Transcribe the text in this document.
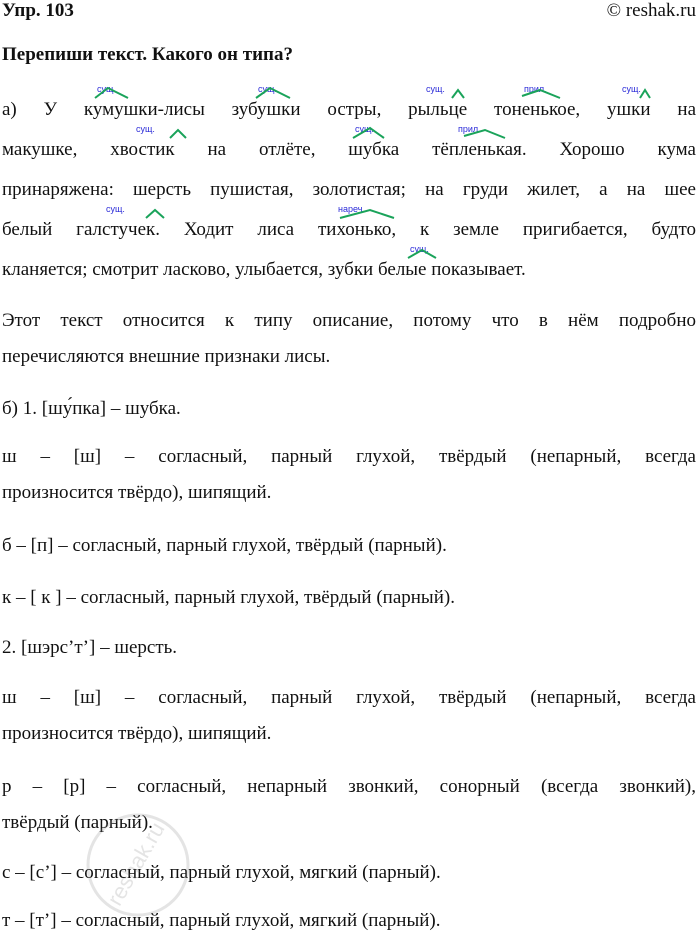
Упр. 103	© reshak.ru
Перепиши текст. Какого он типа?
а) У кумушки-лисы зубушки остры, рыльце тоненькое, ушки на
макушке, хвостик на отлёте, шубка тёпленькая. Хорошо кума
принаряжена: шерсть пушистая, золотистая; на груди жилет, а на шее
белый галстучек. Ходит лиса тихонько, к земле пригибается, будто
кланяется; смотрит ласково, улыбается, зубки белые показывает.
сущ.	сущ.	сущ.	прил.	сущ.
сущ.	сущ.	прил.
сущ.	нареч.
сущ.
Этот текст относится к типу описание, потому что в нём подробно
перечисляются внешние признаки лисы.
б) 1. [шу́пка] – шубка.
ш – [ш] – согласный, парный глухой, твёрдый (непарный, всегда
произносится твёрдо), шипящий.
б – [п] – согласный, парный глухой, твёрдый (парный).
к – [ к ] – согласный, парный глухой, твёрдый (парный).
2. [шэрс’т’] – шерсть.
ш – [ш] – согласный, парный глухой, твёрдый (непарный, всегда
произносится твёрдо), шипящий.
р – [р] – согласный, непарный звонкий, сонорный (всегда звонкий),
твёрдый (парный).
с – [с’] – согласный, парный глухой, мягкий (парный).
т – [т’] – согласный, парный глухой, мягкий (парный).
reshak.ru
